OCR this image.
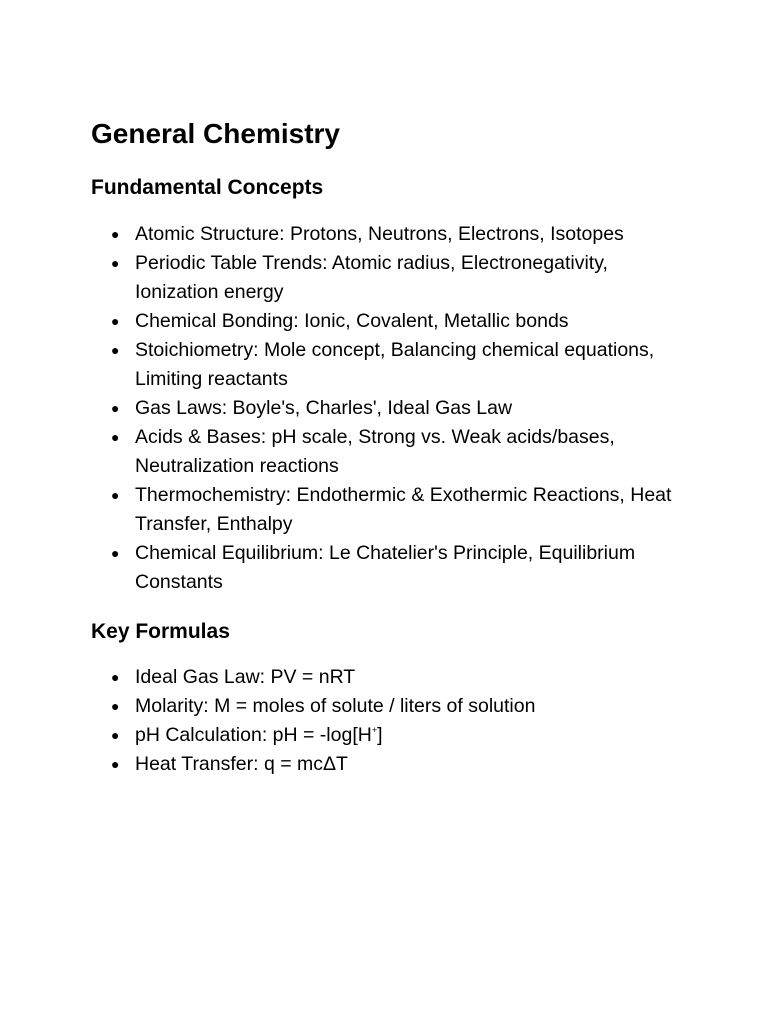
General Chemistry
Fundamental Concepts
● Atomic Structure: Protons, Neutrons, Electrons, Isotopes
● Periodic Table Trends: Atomic radius, Electronegativity, Ionization energy
● Chemical Bonding: Ionic, Covalent, Metallic bonds
● Stoichiometry: Mole concept, Balancing chemical equations, Limiting reactants
● Gas Laws: Boyle's, Charles', Ideal Gas Law
● Acids & Bases: pH scale, Strong vs. Weak acids/bases, Neutralization reactions
● Thermochemistry: Endothermic & Exothermic Reactions, Heat Transfer, Enthalpy
● Chemical Equilibrium: Le Chatelier's Principle, Equilibrium Constants
Key Formulas
● Ideal Gas Law: PV = nRT
● Molarity: M = moles of solute / liters of solution
● pH Calculation: pH = -log[H+]
● Heat Transfer: q = mcΔT
